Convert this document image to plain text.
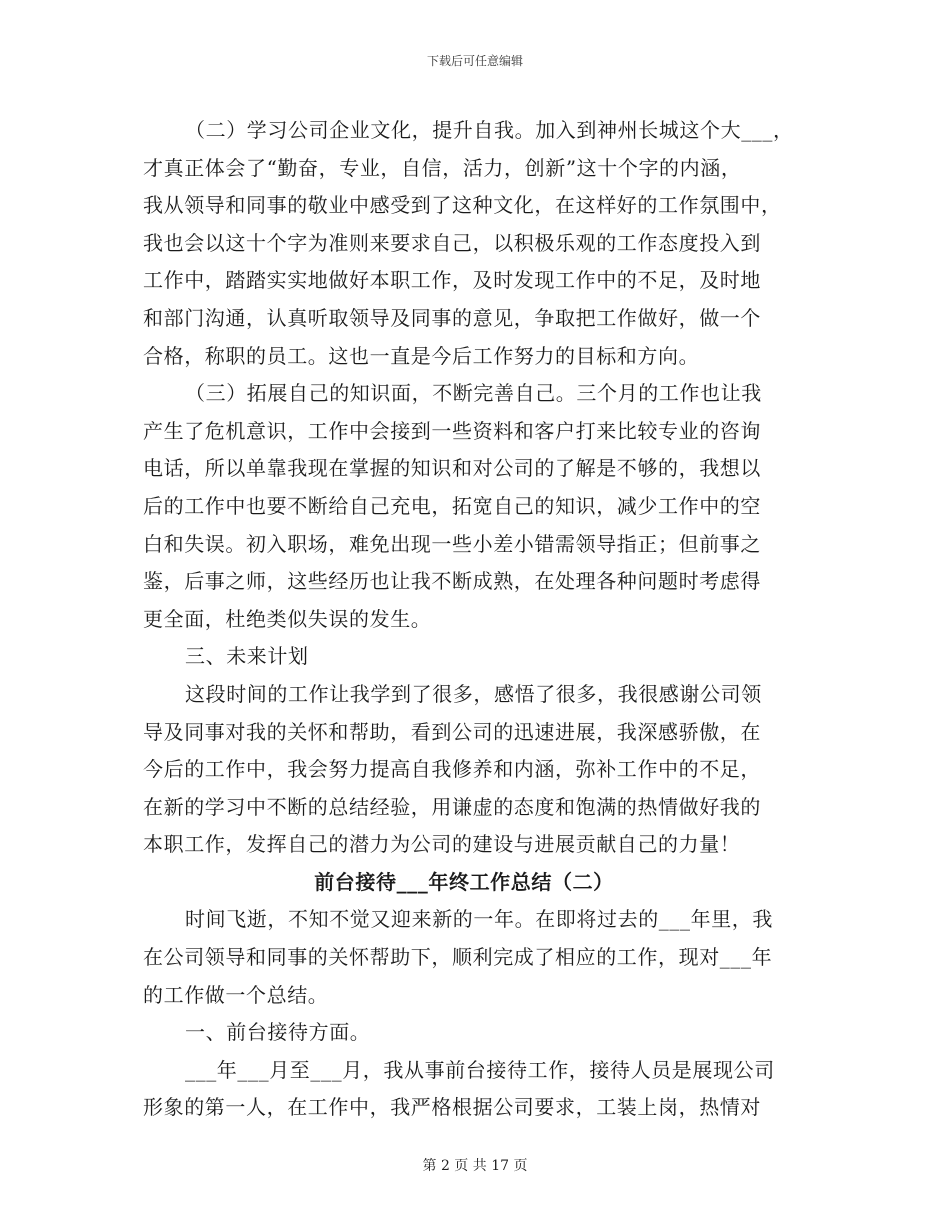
下载后可任意编辑
（二）学习公司企业文化，提升自我。加入到神州长城这个大___，
才真正体会了“勤奋，专业，自信，活力，创新”这十个字的内涵，
我从领导和同事的敬业中感受到了这种文化，在这样好的工作氛围中，
我也会以这十个字为准则来要求自己，以积极乐观的工作态度投入到
工作中，踏踏实实地做好本职工作，及时发现工作中的不足，及时地
和部门沟通，认真听取领导及同事的意见，争取把工作做好，做一个
合格，称职的员工。这也一直是今后工作努力的目标和方向。
（三）拓展自己的知识面，不断完善自己。三个月的工作也让我
产生了危机意识，工作中会接到一些资料和客户打来比较专业的咨询
电话，所以单靠我现在掌握的知识和对公司的了解是不够的，我想以
后的工作中也要不断给自己充电，拓宽自己的知识，减少工作中的空
白和失误。初入职场，难免出现一些小差小错需领导指正；但前事之
鉴，后事之师，这些经历也让我不断成熟，在处理各种问题时考虑得
更全面，杜绝类似失误的发生。
三、未来计划
这段时间的工作让我学到了很多，感悟了很多，我很感谢公司领
导及同事对我的关怀和帮助，看到公司的迅速进展，我深感骄傲，在
今后的工作中，我会努力提高自我修养和内涵，弥补工作中的不足，
在新的学习中不断的总结经验，用谦虚的态度和饱满的热情做好我的
本职工作，发挥自己的潜力为公司的建设与进展贡献自己的力量！
前台接待___年终工作总结（二）
时间飞逝，不知不觉又迎来新的一年。在即将过去的___年里，我
在公司领导和同事的关怀帮助下，顺利完成了相应的工作，现对___年
的工作做一个总结。
一、前台接待方面。
___年___月至___月，我从事前台接待工作，接待人员是展现公司
形象的第一人，在工作中，我严格根据公司要求，工装上岗，热情对
第 2 页 共 17 页
